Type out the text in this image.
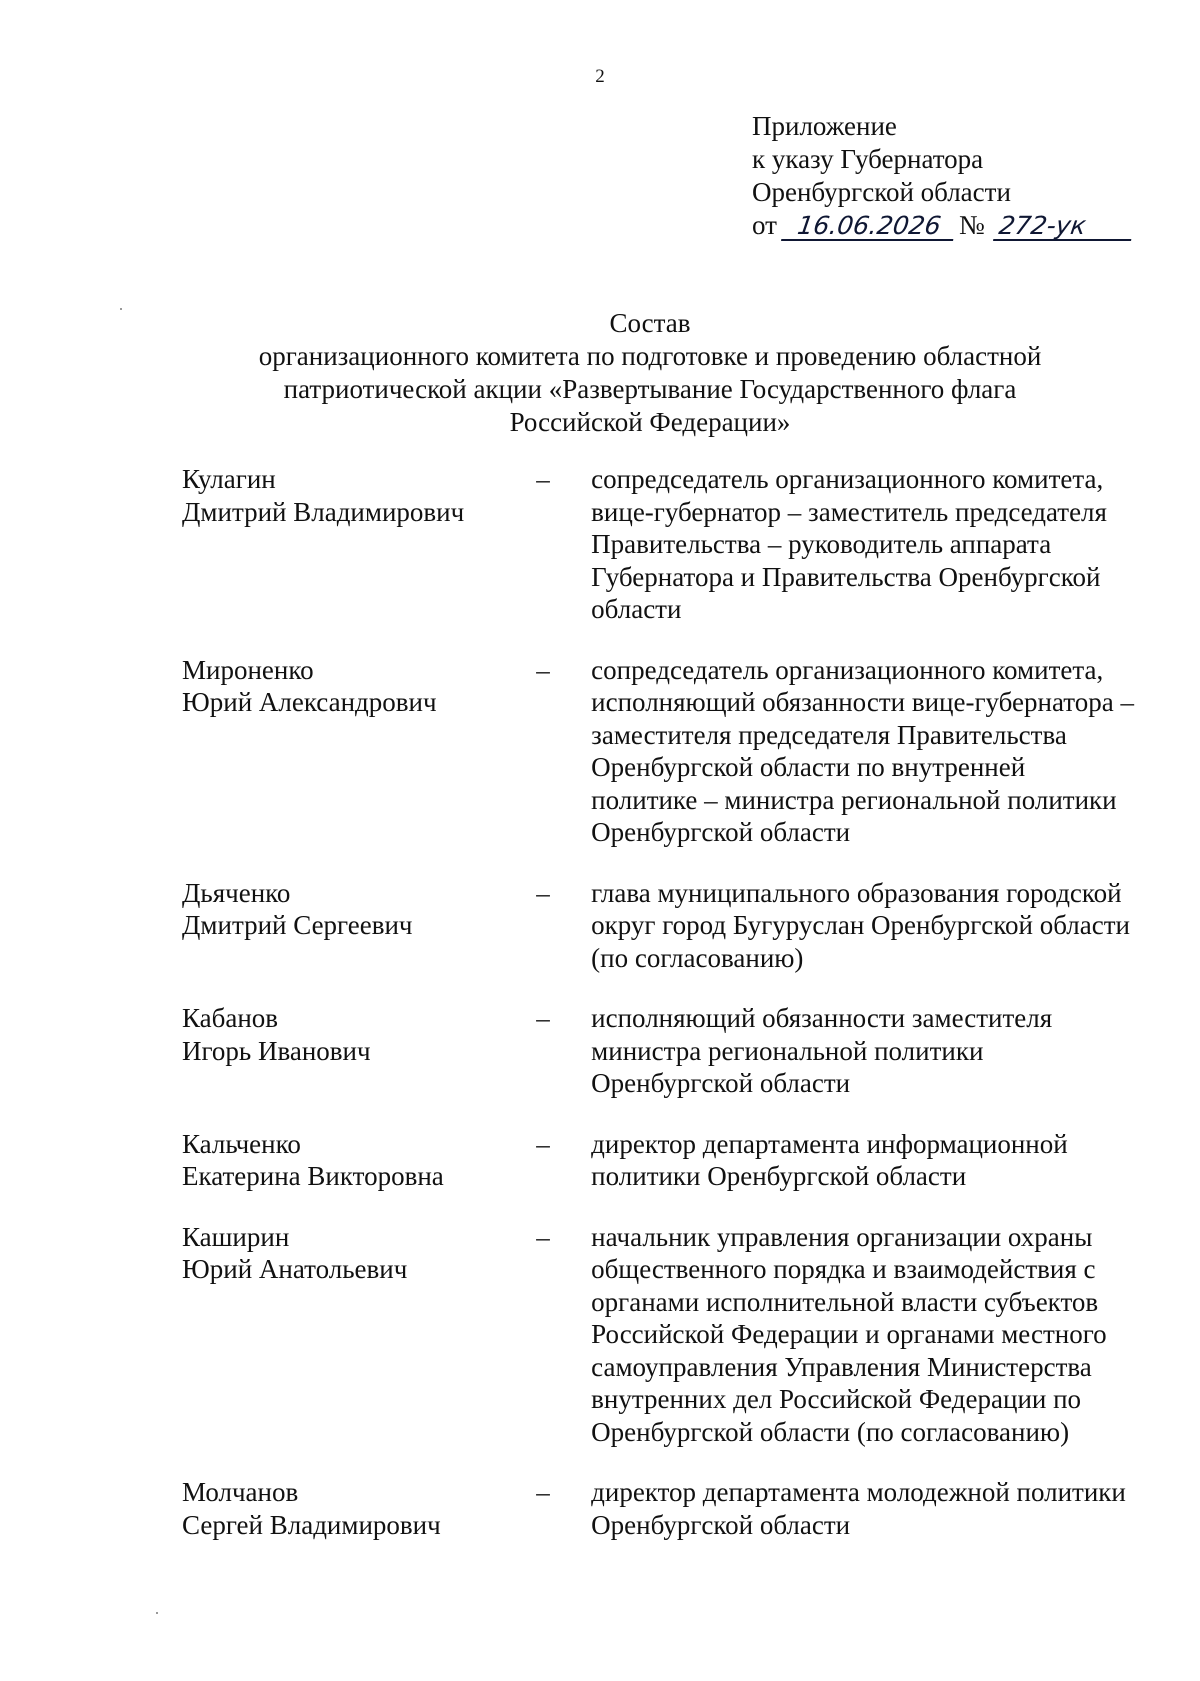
2
Приложение
к указу Губернатора
Оренбургской области
от 16.06.2026 № 272-ук
Состав
организационного комитета по подготовке и проведению областной
патриотической акции «Развертывание Государственного флага
Российской Федерации»
Кулагин
Дмитрий Владимирович
–	сопредседатель организационного комитета,
вице-губернатор – заместитель председателя
Правительства – руководитель аппарата
Губернатора и Правительства Оренбургской
области
Мироненко
Юрий Александрович
–	сопредседатель организационного комитета,
исполняющий обязанности вице-губернатора –
заместителя председателя Правительства
Оренбургской области по внутренней
политике – министра региональной политики
Оренбургской области
Дьяченко
Дмитрий Сергеевич
–	глава муниципального образования городской
округ город Бугуруслан Оренбургской области
(по согласованию)
Кабанов
Игорь Иванович
–	исполняющий обязанности заместителя
министра региональной политики
Оренбургской области
Кальченко
Екатерина Викторовна
–	директор департамента информационной
политики Оренбургской области
Каширин
Юрий Анатольевич
–	начальник управления организации охраны
общественного порядка и взаимодействия с
органами исполнительной власти субъектов
Российской Федерации и органами местного
самоуправления Управления Министерства
внутренних дел Российской Федерации по
Оренбургской области (по согласованию)
Молчанов
Сергей Владимирович
–	директор департамента молодежной политики
Оренбургской области
